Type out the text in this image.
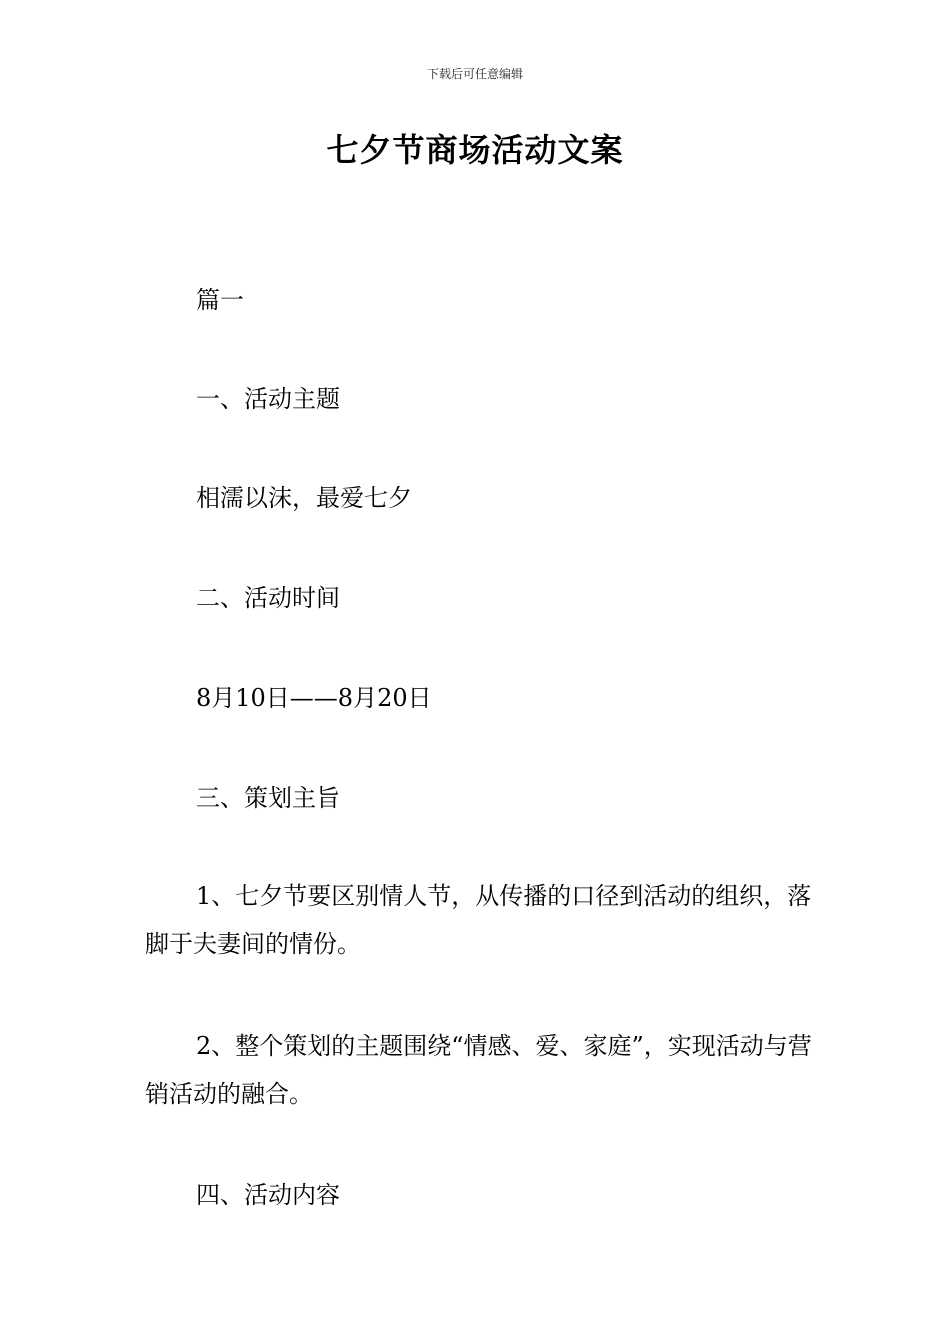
下载后可任意编辑
七夕节商场活动文案

篇一

一、活动主题

相濡以沫，最爱七夕

二、活动时间

8月10日——8月20日

三、策划主旨

1、七夕节要区别情人节，从传播的口径到活动的组织，落脚于夫妻间的情份。

2、整个策划的主题围绕“情感、爱、家庭”，实现活动与营销活动的融合。

四、活动内容
